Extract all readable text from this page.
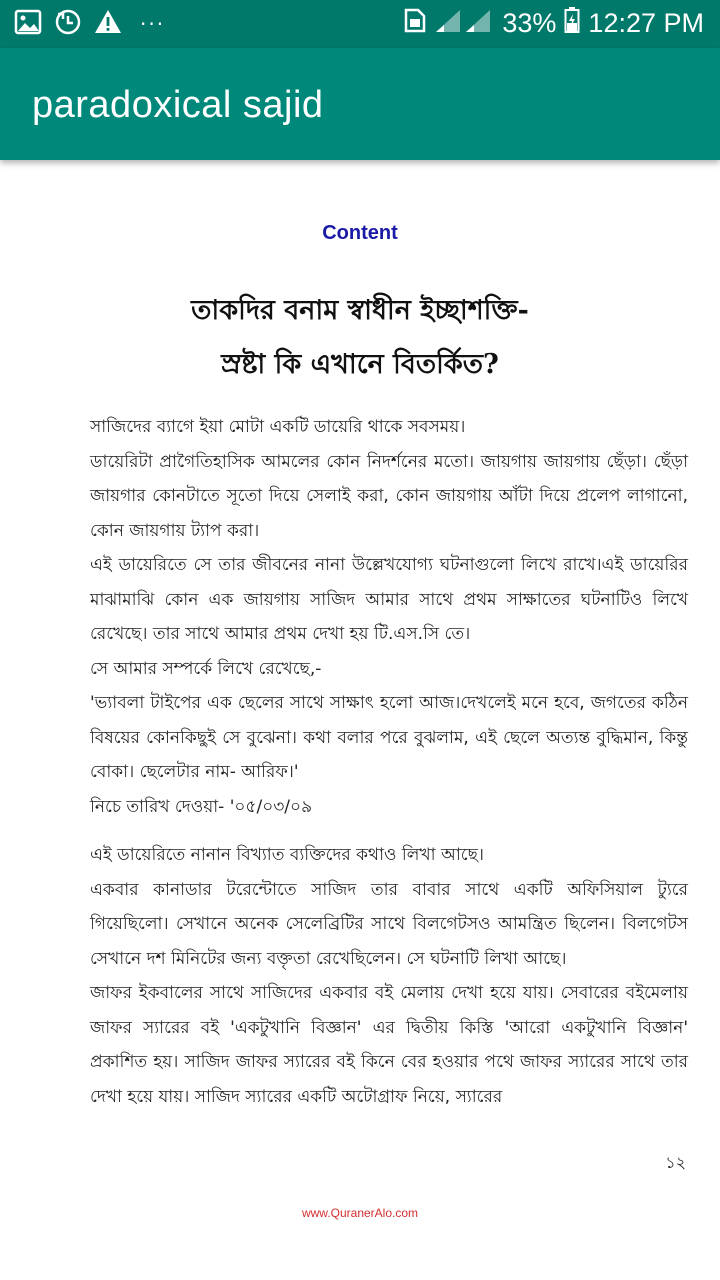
···	33% 12:27 PM
paradoxical sajid
Content
তাকদির বনাম স্বাধীন ইচ্ছাশক্তি-
স্রষ্টা কি এখানে বিতর্কিত?

সাজিদের ব্যাগে ইয়া মোটা একটি ডায়েরি থাকে সবসময়।

ডায়েরিটা প্রাগৈতিহাসিক আমলের কোন নিদর্শনের মতো। জায়গায় জায়গায় ছেঁড়া। ছেঁড়া জায়গার কোনটাতে সূতো দিয়ে সেলাই করা, কোন জায়গায় আঁটা দিয়ে প্রলেপ লাগানো, কোন জায়গায় ট্যাপ করা।

এই ডায়েরিতে সে তার জীবনের নানা উল্লেখযোগ্য ঘটনাগুলো লিখে রাখে।এই ডায়েরির মাঝামাঝি কোন এক জায়গায় সাজিদ আমার সাথে প্রথম সাক্ষাতের ঘটনাটিও লিখে রেখেছে। তার সাথে আমার প্রথম দেখা হয় টি.এস.সি তে।

সে আমার সম্পর্কে লিখে রেখেছে,-

'ভ্যাবলা টাইপের এক ছেলের সাথে সাক্ষাৎ হলো আজ।দেখলেই মনে হবে, জগতের কঠিন বিষয়ের কোনকিছুই সে বুঝেনা। কথা বলার পরে বুঝলাম, এই ছেলে অত্যন্ত বুদ্ধিমান, কিন্তু বোকা। ছেলেটার নাম- আরিফ।'

নিচে তারিখ দেওয়া- '০৫/০৩/০৯

এই ডায়েরিতে নানান বিখ্যাত ব্যক্তিদের কথাও লিখা আছে।

একবার কানাডার টরেন্টোতে সাজিদ তার বাবার সাথে একটি অফিসিয়াল ট্যুরে গিয়েছিলো। সেখানে অনেক সেলেব্রিটির সাথে বিলগেটসও আমন্ত্রিত ছিলেন। বিলগেটস সেখানে দশ মিনিটের জন্য বক্তৃতা রেখেছিলেন। সে ঘটনাটি লিখা আছে।

জাফর ইকবালের সাথে সাজিদের একবার বই মেলায় দেখা হয়ে যায়। সেবারের বইমেলায় জাফর স্যারের বই 'একটুখানি বিজ্ঞান' এর দ্বিতীয় কিস্তি 'আরো একটুখানি বিজ্ঞান' প্রকাশিত হয়। সাজিদ জাফর স্যারের বই কিনে বের হওয়ার পথে জাফর স্যারের সাথে তার দেখা হয়ে যায়। সাজিদ স্যারের একটি অটোগ্রাফ নিয়ে, স্যারের

১২
www.QuranerAlo.com
